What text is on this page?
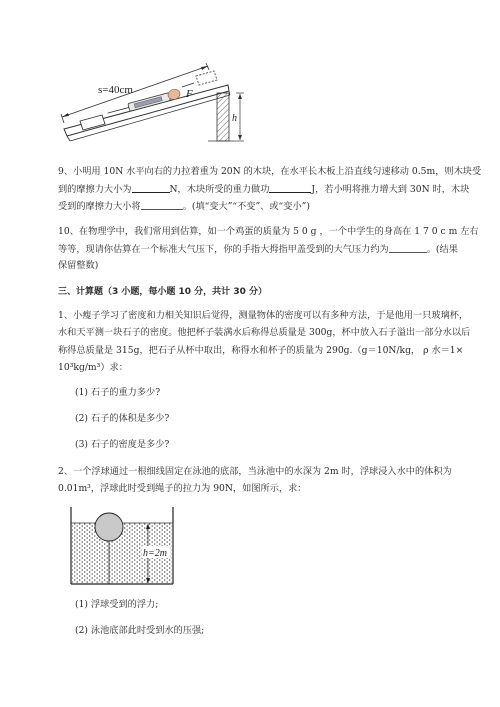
F
s=40cm
h
9、小明用 10N 水平向右的力拉着重为 20N 的木块，在水平长木板上沿直线匀速移动 0.5m，则木块受
到的摩擦力大小为	N，木块所受的重力做功	J，若小明将推力增大到 30N 时，木块
受到的摩擦力大小将	。(填“变大”“不变”、或“变小”)
10、在物理学中，我们常用到估算，如一个鸡蛋的质量为 5 0 g ，一个中学生的身高在 1 7 0 c m 左右
等等，现请你估算在一个标准大气压下，你的手指大拇指甲盖受到的大气压力约为	。(结果
保留整数)
三、计算题（3 小题，每小题 10 分，共计 30 分）
1、小瘦子学习了密度和力相关知识后觉得，测量物体的密度可以有多种方法，于是他用一只玻璃杯，
水和天平测一块石子的密度。他把杯子装满水后称得总质量是 300g，杯中放入石子溢出一部分水以后
称得总质量是 315g，把石子从杯中取出，称得水和杯子的质量为 290g.（g＝10N/kg， ρ 水＝1×
10³kg/m³）求：
(1) 石子的重力多少?
(2) 石子的体积是多少?
(3) 石子的密度是多少?
2、一个浮球通过一根细线固定在泳池的底部，当泳池中的水深为 2m 时，浮球浸入水中的体积为
0.01m³，浮球此时受到绳子的拉力为 90N，如图所示，求：
h=2m
(1) 浮球受到的浮力;
(2) 泳池底部此时受到水的压强;
